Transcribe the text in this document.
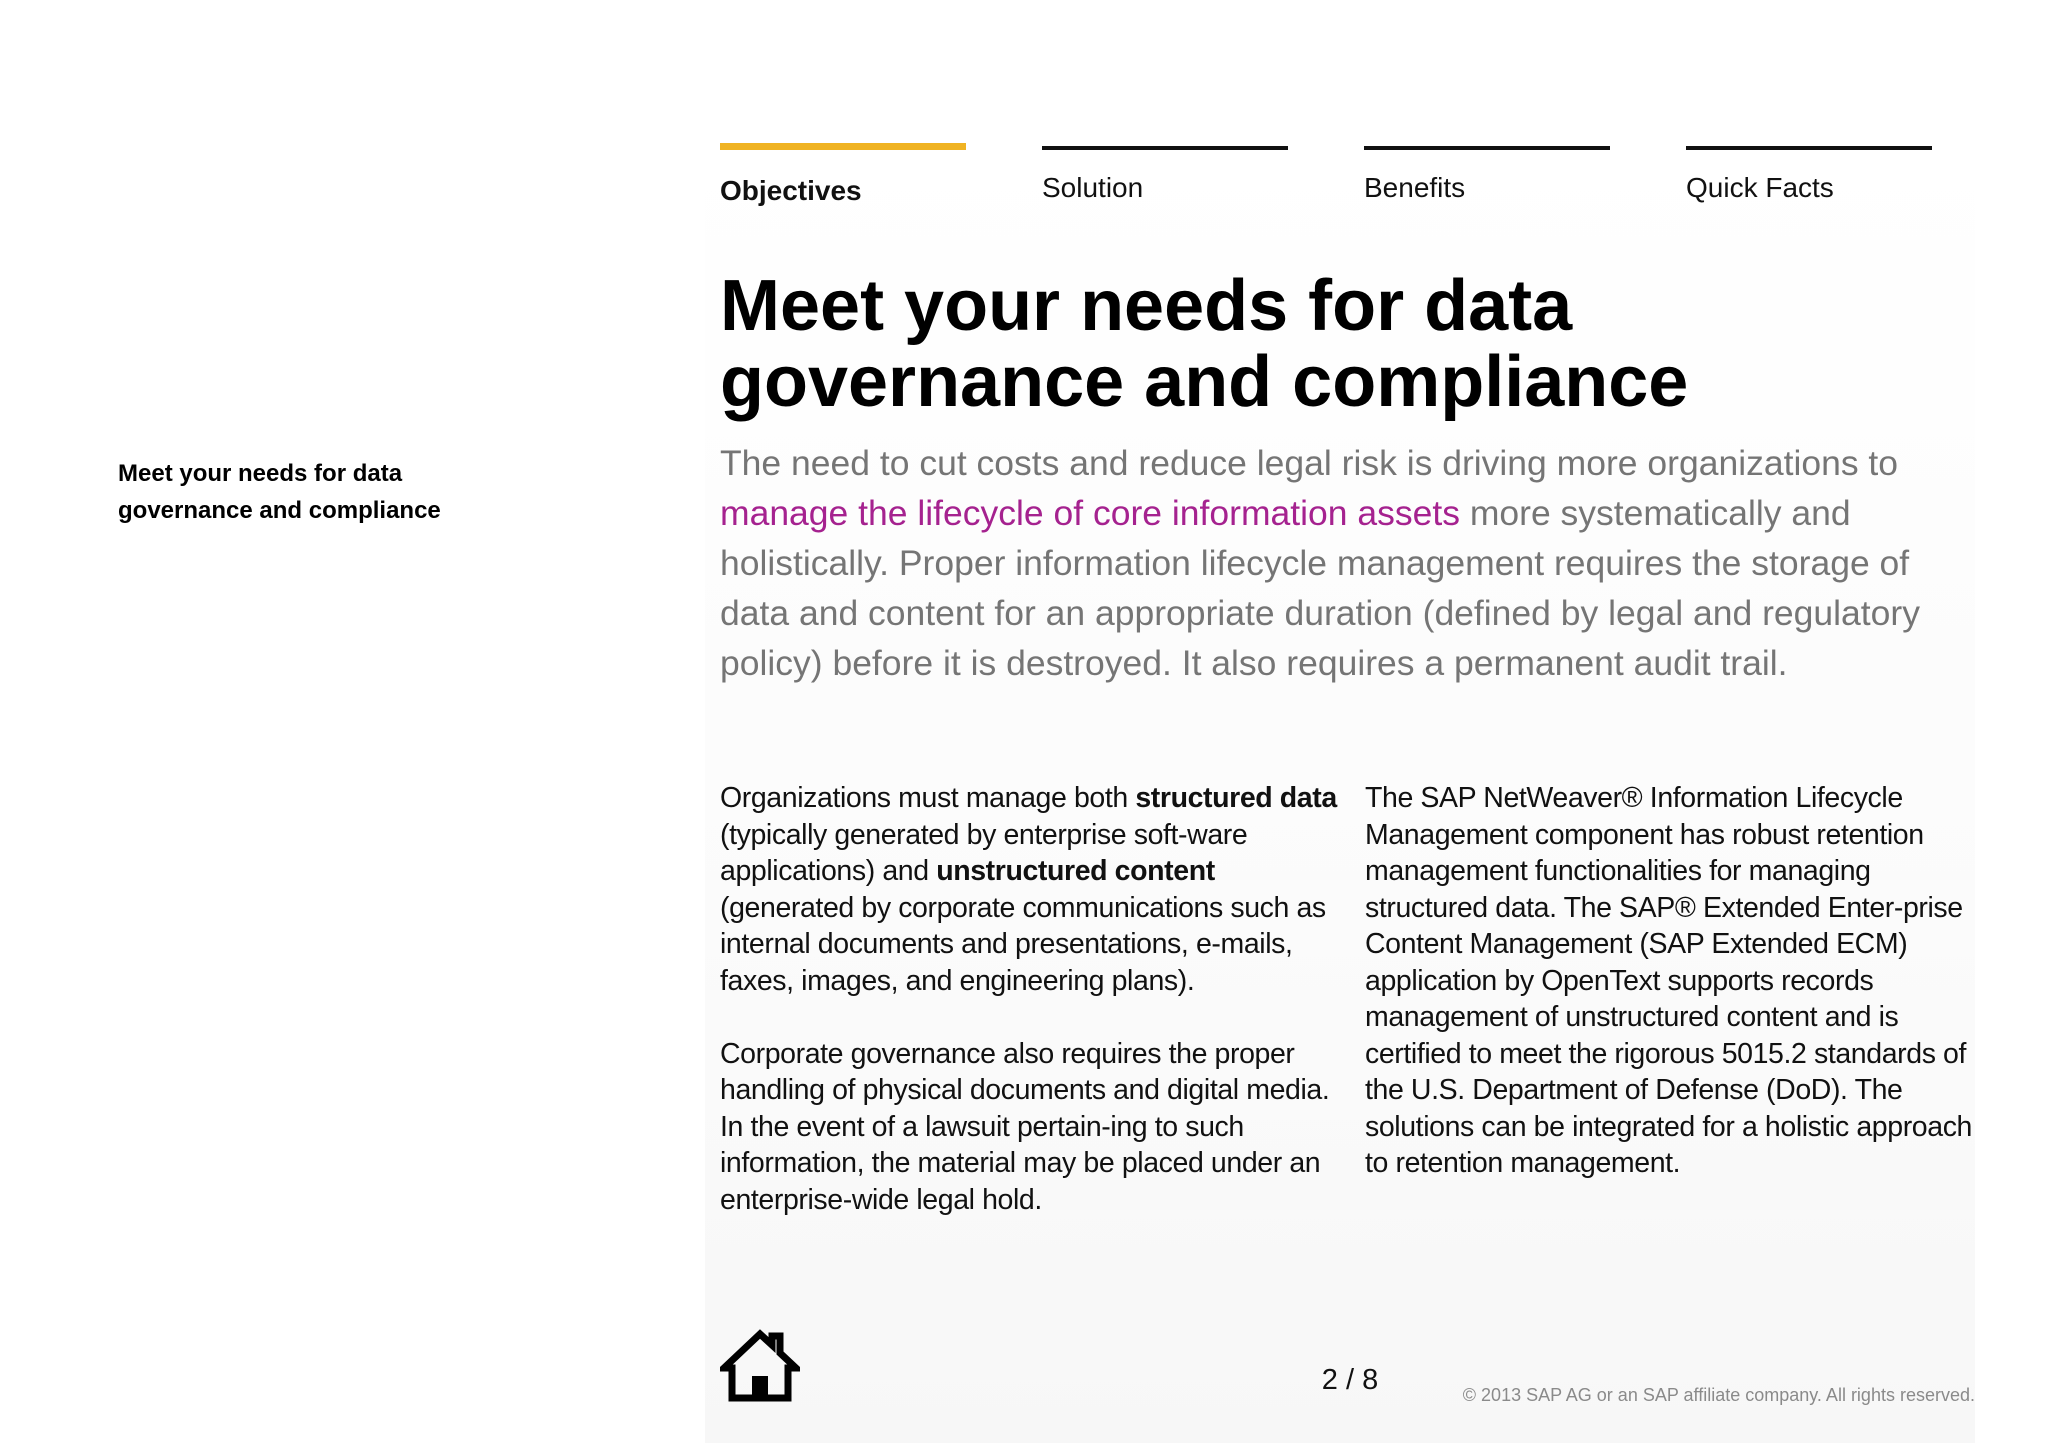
Meet your needs for data
governance and compliance
Objectives	Solution	Benefits	Quick Facts
Meet your needs for data
governance and compliance

The need to cut costs and reduce legal risk is driving more organizations to manage the lifecycle of core information assets more systematically and holistically. Proper information lifecycle management requires the storage of data and content for an appropriate duration (defined by legal and regulatory policy) before it is destroyed. It also requires a permanent audit trail.

Organizations must manage both structured data (typically generated by enterprise soft-ware applications) and unstructured content (generated by corporate communications such as internal documents and presentations, e-mails, faxes, images, and engineering plans).

Corporate governance also requires the proper handling of physical documents and digital media. In the event of a lawsuit pertain-ing to such information, the material may be placed under an enterprise-wide legal hold.

The SAP NetWeaver® Information Lifecycle Management component has robust retention management functionalities for managing structured data. The SAP® Extended Enter-prise Content Management (SAP Extended ECM) application by OpenText supports records management of unstructured content and is certified to meet the rigorous 5015.2 standards of the U.S. Department of Defense (DoD). The solutions can be integrated for a holistic approach to retention management.

2 / 8	© 2013 SAP AG or an SAP affiliate company. All rights reserved.
